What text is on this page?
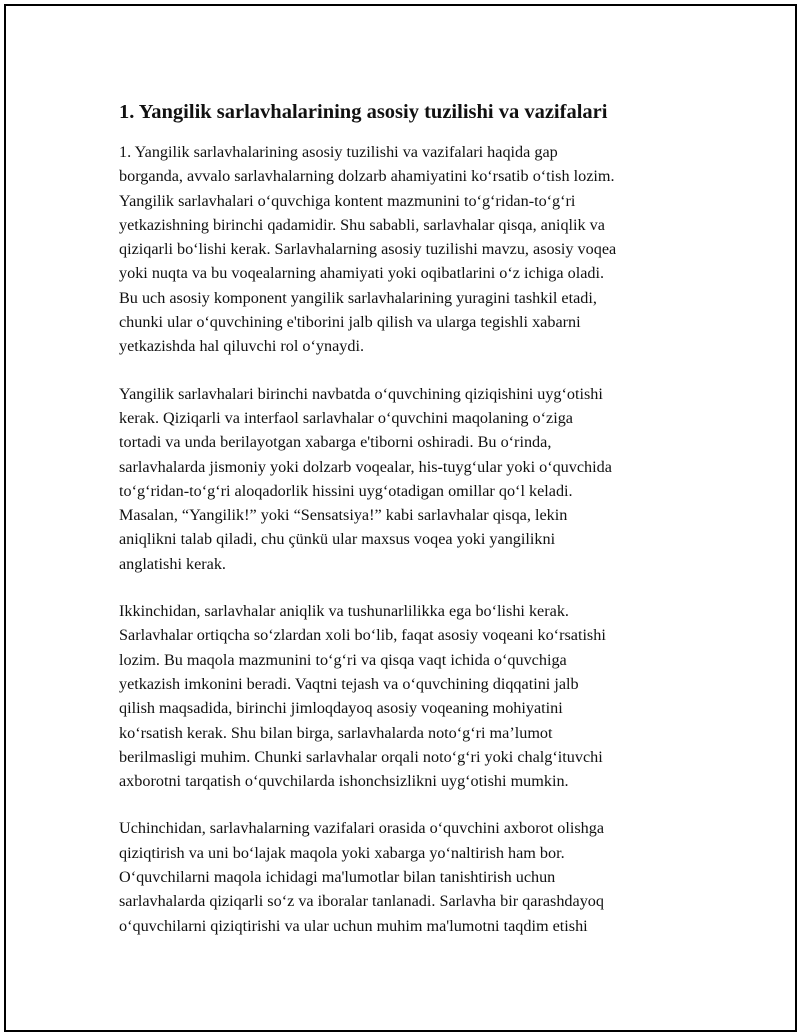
1. Yangilik sarlavhalarining asosiy tuzilishi va vazifalari

1. Yangilik sarlavhalarining asosiy tuzilishi va vazifalari haqida gap
borganda, avvalo sarlavhalarning dolzarb ahamiyatini koʻrsatib oʻtish lozim.
Yangilik sarlavhalari oʻquvchiga kontent mazmunini toʻgʻridan-toʻgʻri
yetkazishning birinchi qadamidir. Shu sababli, sarlavhalar qisqa, aniqlik va
qiziqarli boʻlishi kerak. Sarlavhalarning asosiy tuzilishi mavzu, asosiy voqea
yoki nuqta va bu voqealarning ahamiyati yoki oqibatlarini oʻz ichiga oladi.
Bu uch asosiy komponent yangilik sarlavhalarining yuragini tashkil etadi,
chunki ular oʻquvchining e'tiborini jalb qilish va ularga tegishli xabarni
yetkazishda hal qiluvchi rol oʻynaydi.

Yangilik sarlavhalari birinchi navbatda oʻquvchining qiziqishini uygʻotishi
kerak. Qiziqarli va interfaol sarlavhalar oʻquvchini maqolaning oʻziga
tortadi va unda berilayotgan xabarga e'tiborni oshiradi. Bu oʻrinda,
sarlavhalarda jismoniy yoki dolzarb voqealar, his-tuygʻular yoki oʻquvchida
toʻgʻridan-toʻgʻri aloqadorlik hissini uygʻotadigan omillar qoʻl keladi.
Masalan, “Yangilik!” yoki “Sensatsiya!” kabi sarlavhalar qisqa, lekin
aniqlikni talab qiladi, chu çünkü ular maxsus voqea yoki yangilikni
anglatishi kerak.

Ikkinchidan, sarlavhalar aniqlik va tushunarlilikka ega boʻlishi kerak.
Sarlavhalar ortiqcha soʻzlardan xoli boʻlib, faqat asosiy voqeani koʻrsatishi
lozim. Bu maqola mazmunini toʻgʻri va qisqa vaqt ichida oʻquvchiga
yetkazish imkonini beradi. Vaqtni tejash va oʻquvchining diqqatini jalb
qilish maqsadida, birinchi jimloqdayoq asosiy voqeaning mohiyatini
koʻrsatish kerak. Shu bilan birga, sarlavhalarda notoʻgʻri ma’lumot
berilmasligi muhim. Chunki sarlavhalar orqali notoʻgʻri yoki chalgʻituvchi
axborotni tarqatish oʻquvchilarda ishonchsizlikni uygʻotishi mumkin.

Uchinchidan, sarlavhalarning vazifalari orasida oʻquvchini axborot olishga
qiziqtirish va uni boʻlajak maqola yoki xabarga yoʻnaltirish ham bor.
Oʻquvchilarni maqola ichidagi ma'lumotlar bilan tanishtirish uchun
sarlavhalarda qiziqarli soʻz va iboralar tanlanadi. Sarlavha bir qarashdayoq
oʻquvchilarni qiziqtirishi va ular uchun muhim ma'lumotni taqdim etishi
